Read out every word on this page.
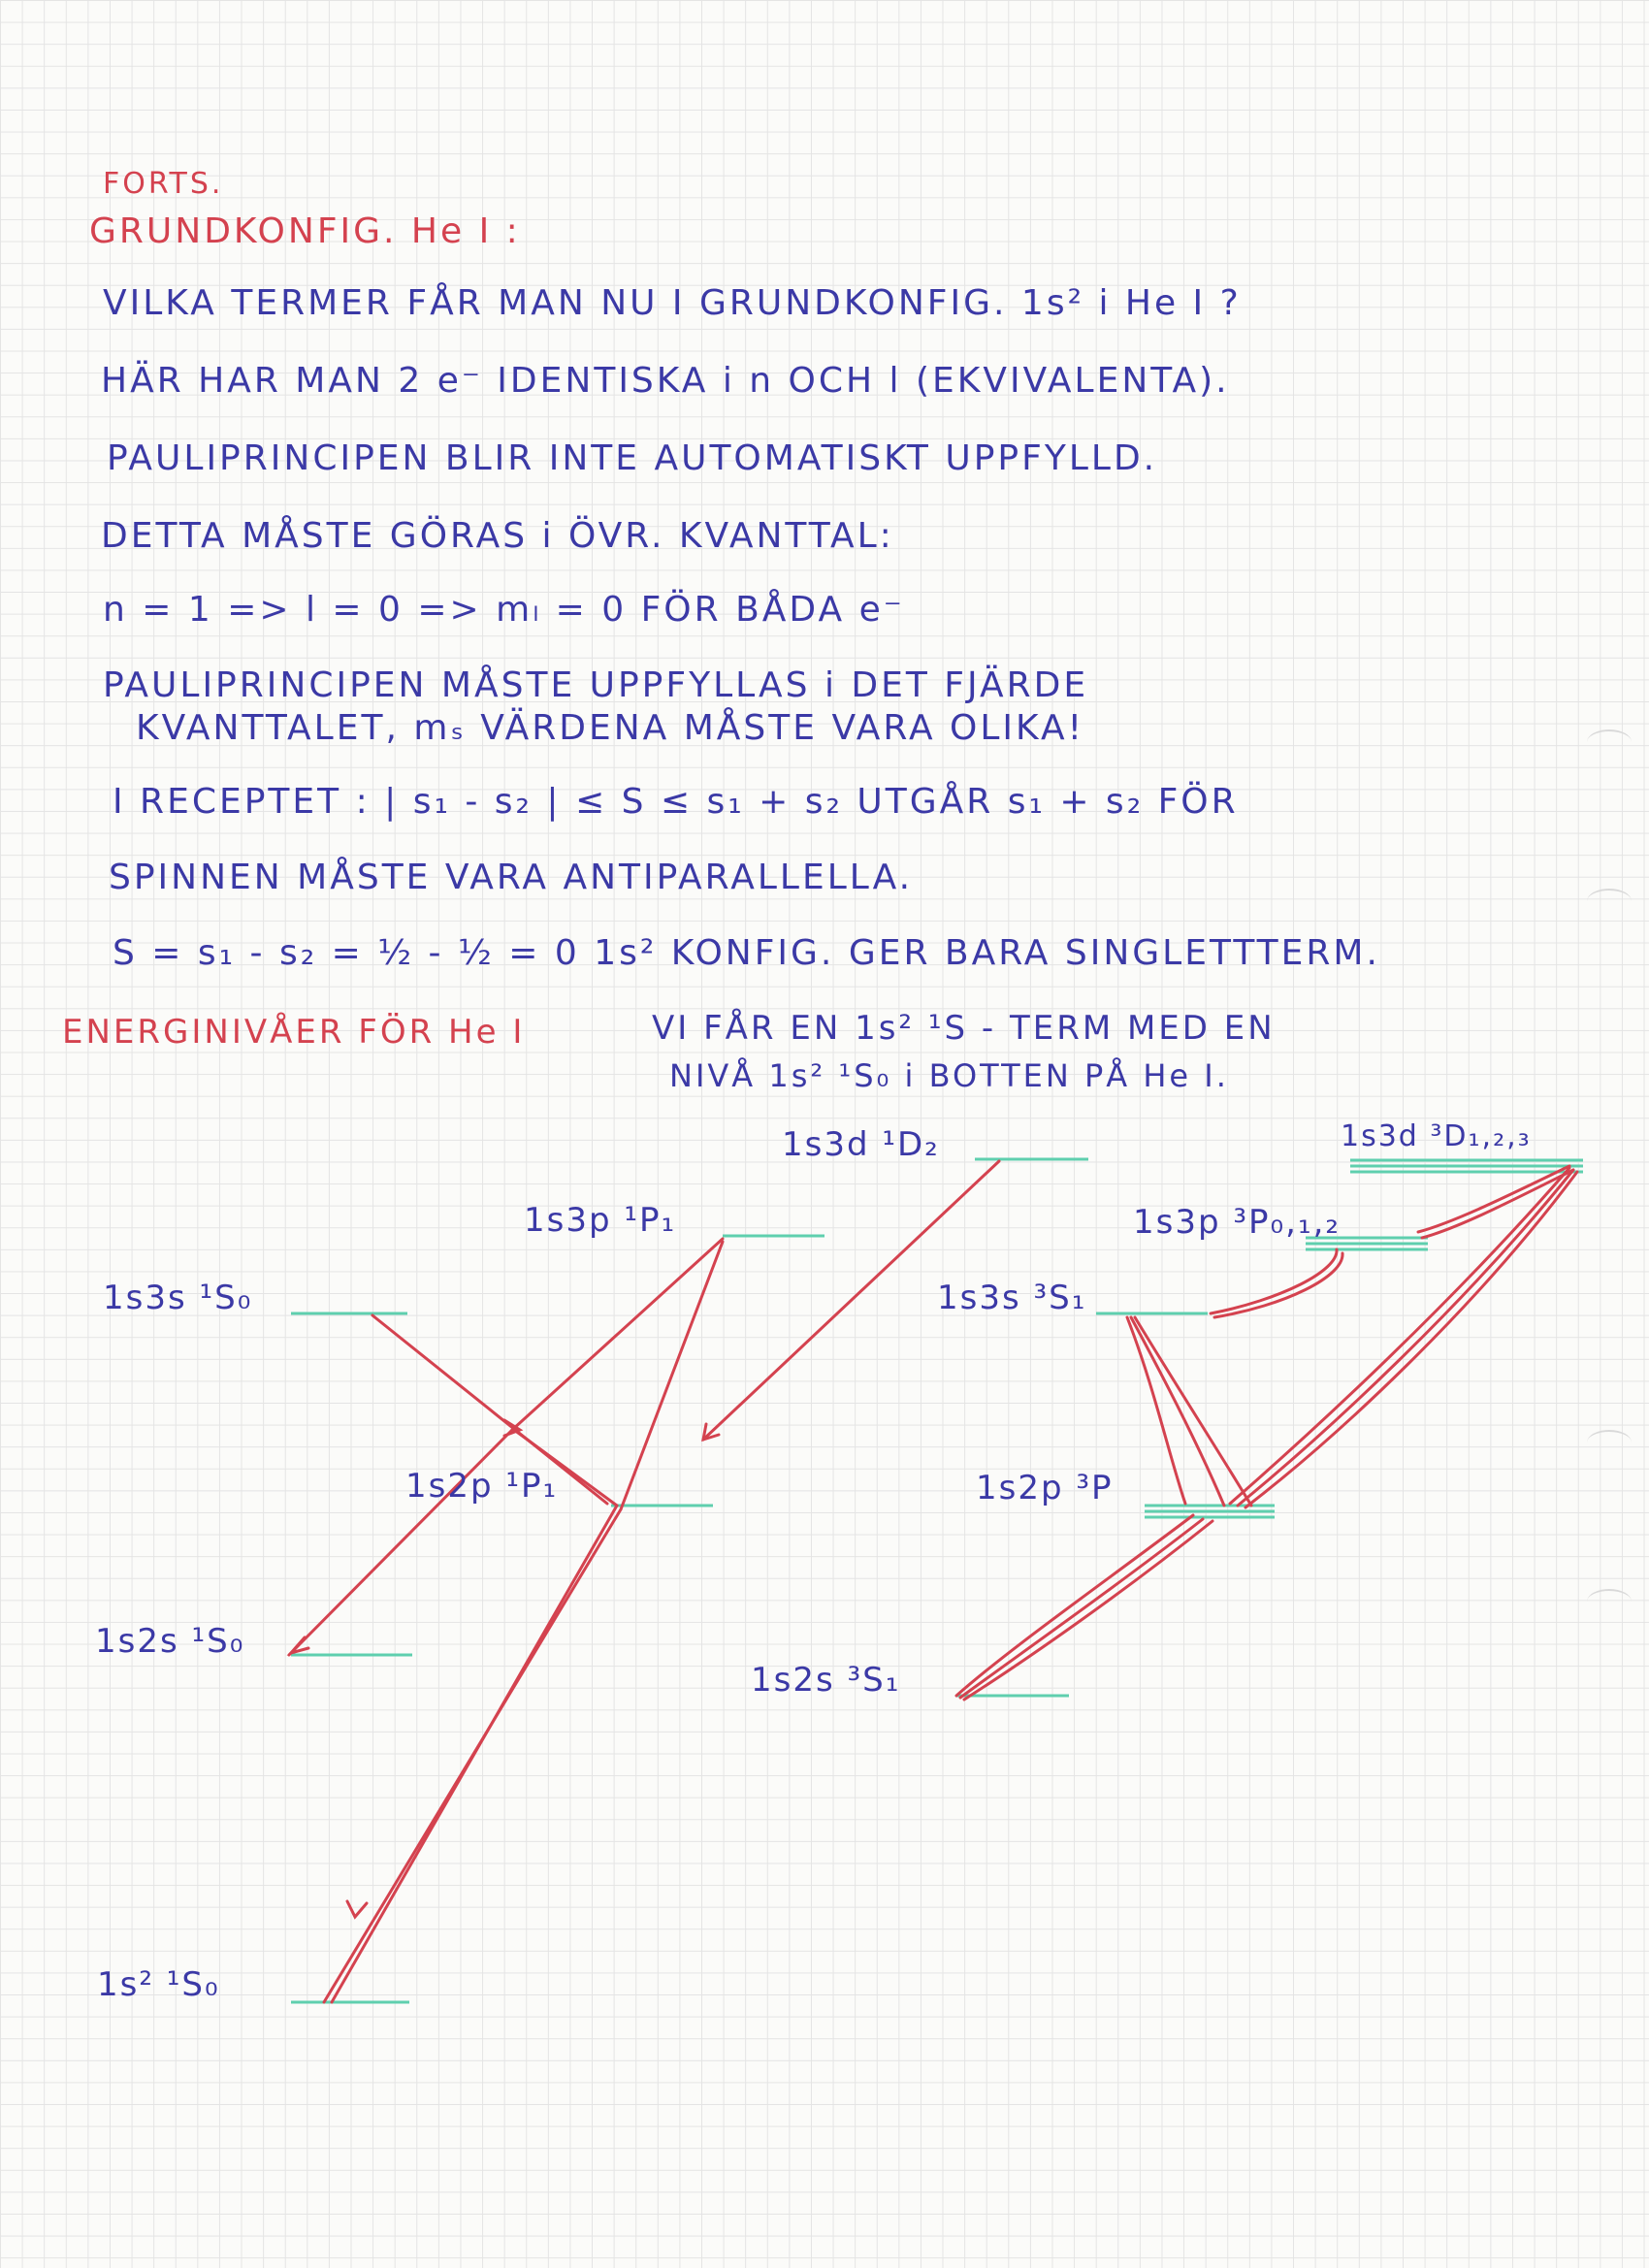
FORTS.
GRUNDKONFIG. He I :
VILKA TERMER FÅR MAN NU I GRUNDKONFIG. 1s² i He I ?
HÄR HAR MAN 2 e⁻ IDENTISKA i n OCH l (EKVIVALENTA).
PAULIPRINCIPEN BLIR INTE AUTOMATISKT UPPFYLLD.
DETTA MÅSTE GÖRAS i ÖVR. KVANTTAL:
n = 1 => l = 0 => mₗ = 0 FÖR BÅDA e⁻
PAULIPRINCIPEN MÅSTE UPPFYLLAS i DET FJÄRDE
KVANTTALET, mₛ VÄRDENA MÅSTE VARA OLIKA!
I RECEPTET : | s₁ - s₂ | ≤ S ≤ s₁ + s₂ UTGÅR s₁ + s₂ FÖR
SPINNEN MÅSTE VARA ANTIPARALLELLA.
S = s₁ - s₂ = ½ - ½ = 0 1s² KONFIG. GER BARA SINGLETTTERM.
ENERGINIVÅER FÖR He I	VI FÅR EN 1s² ¹S - TERM MED EN
NIVÅ 1s² ¹S₀ i BOTTEN PÅ He I.
1s3d ¹D₂
1s3p ¹P₁
1s3s ¹S₀
1s2p ¹P₁
1s2s ¹S₀
1s² ¹S₀
1s3d ³D₁,₂,₃
1s3p ³P₀,₁,₂
1s3s ³S₁
1s2p ³P
1s2s ³S₁
